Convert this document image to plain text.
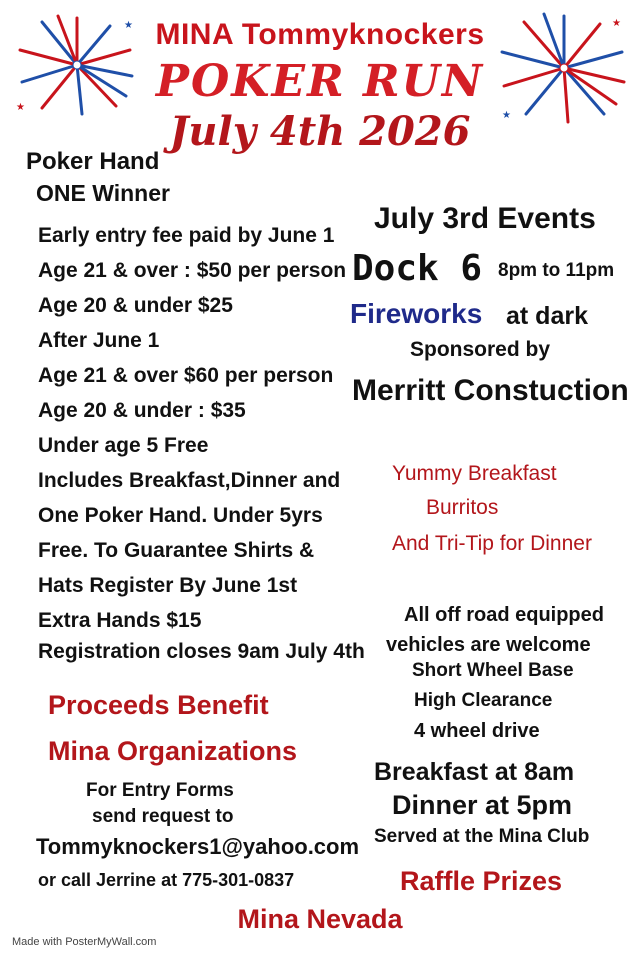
★
★
★
★
MINA Tommyknockers
POKER RUN
July 4th 2026
Poker Hand
ONE Winner
Early entry fee paid by June 1
Age 21 & over : $50 per person
Age 20 & under $25
After June 1
Age 21 & over $60 per person
Age 20 & under : $35
Under age 5 Free
Includes Breakfast,Dinner and
One Poker Hand. Under 5yrs
Free. To Guarantee Shirts &
Hats Register By June 1st
Extra Hands $15
Registration closes 9am July 4th
Proceeds Benefit
Mina Organizations
For Entry Forms
send request to
Tommyknockers1@yahoo.com
or call Jerrine at 775-301-0837
July 3rd Events
Dock 6 8pm to 11pm
Fireworks at dark
Sponsored by
Merritt Constuction
Yummy Breakfast
Burritos
And Tri-Tip for Dinner
All off road equipped
vehicles are welcome
Short Wheel Base
High Clearance
4 wheel drive
Breakfast at 8am
Dinner at 5pm
Served at the Mina Club
Raffle Prizes
Mina Nevada
Made with PosterMyWall.com
